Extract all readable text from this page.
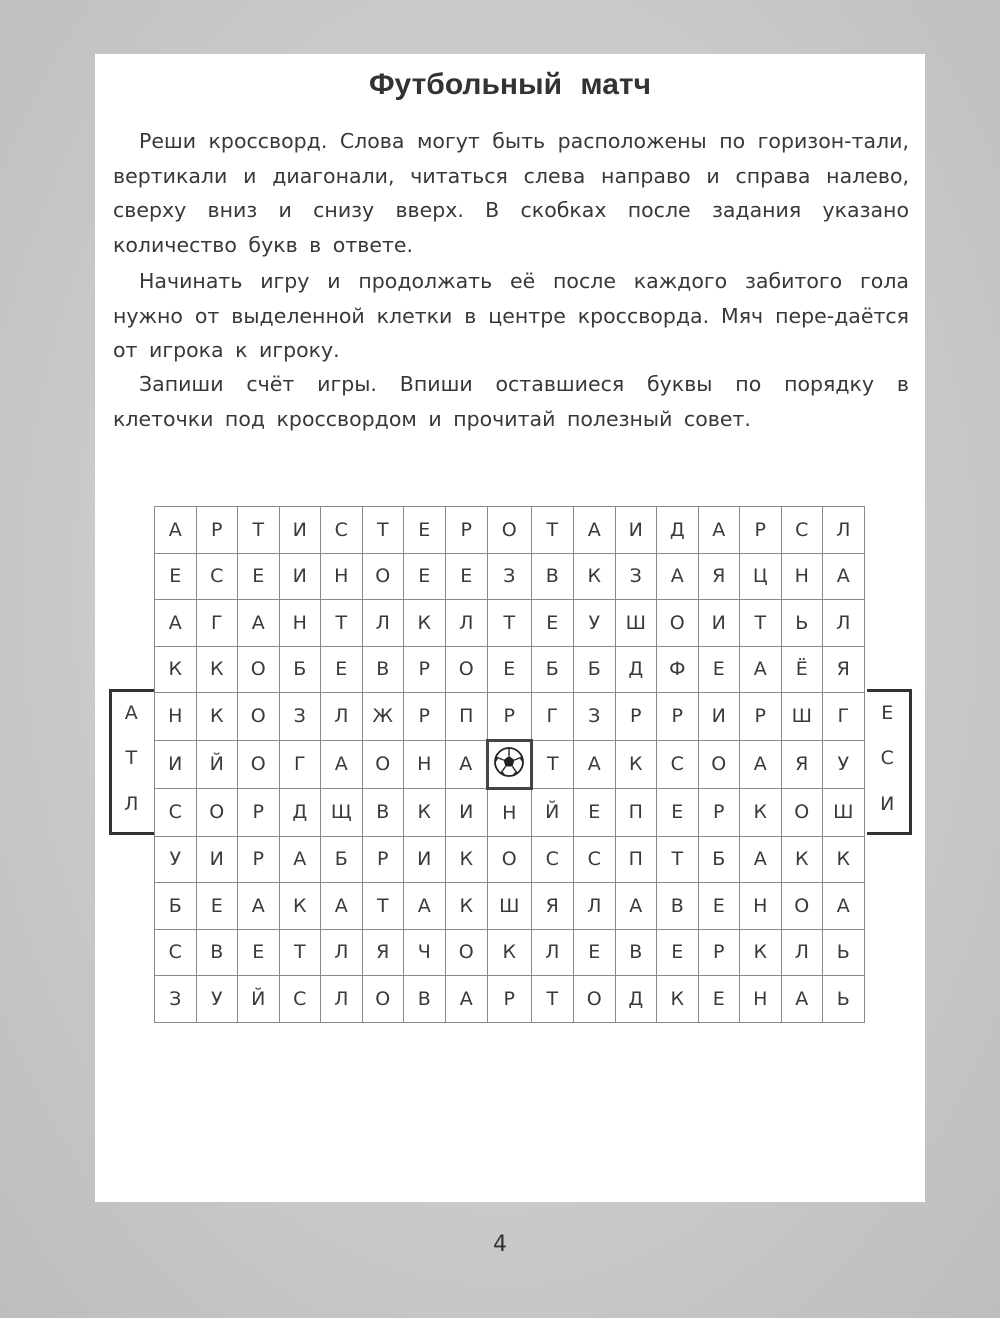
Футбольный матч

Реши кроссворд. Слова могут быть расположены по горизон-тали, вертикали и диагонали, читаться слева направо и справа налево, сверху вниз и снизу вверх. В скобках после задания указано количество букв в ответе.

Начинать игру и продолжать её после каждого забитого гола нужно от выделенной клетки в центре кроссворда. Мяч пере-даётся от игрока к игроку.

Запиши счёт игры. Впиши оставшиеся буквы по порядку в клеточки под кроссвордом и прочитай полезный совет.

А	Р	Т	И	С	Т	Е	Р	О	Т	А	И	Д	А	Р	С	Л
Е	С	Е	И	Н	О	Е	Е	З	В	К	З	А	Я	Ц	Н	А
А	Г	А	Н	Т	Л	К	Л	Т	Е	У	Ш	О	И	Т	Ь	Л
К	К	О	Б	Е	В	Р	О	Е	Б	Б	Д	Ф	Е	А	Ё	Я
Н	К	О	З	Л	Ж	Р	П	Р	Г	З	Р	Р	И	Р	Ш	Г
И	Й	О	Г	А	О	Н	А		Т	А	К	С	О	А	Я	У
С	О	Р	Д	Щ	В	К	И	Н	Й	Е	П	Е	Р	К	О	Ш
У	И	Р	А	Б	Р	И	К	О	С	С	П	Т	Б	А	К	К
Б	Е	А	К	А	Т	А	К	Ш	Я	Л	А	В	Е	Н	О	А
С	В	Е	Т	Л	Я	Ч	О	К	Л	Е	В	Е	Р	К	Л	Ь
З	У	Й	С	Л	О	В	А	Р	Т	О	Д	К	Е	Н	А	Ь
А
Т
Л
Е
С
И
4
